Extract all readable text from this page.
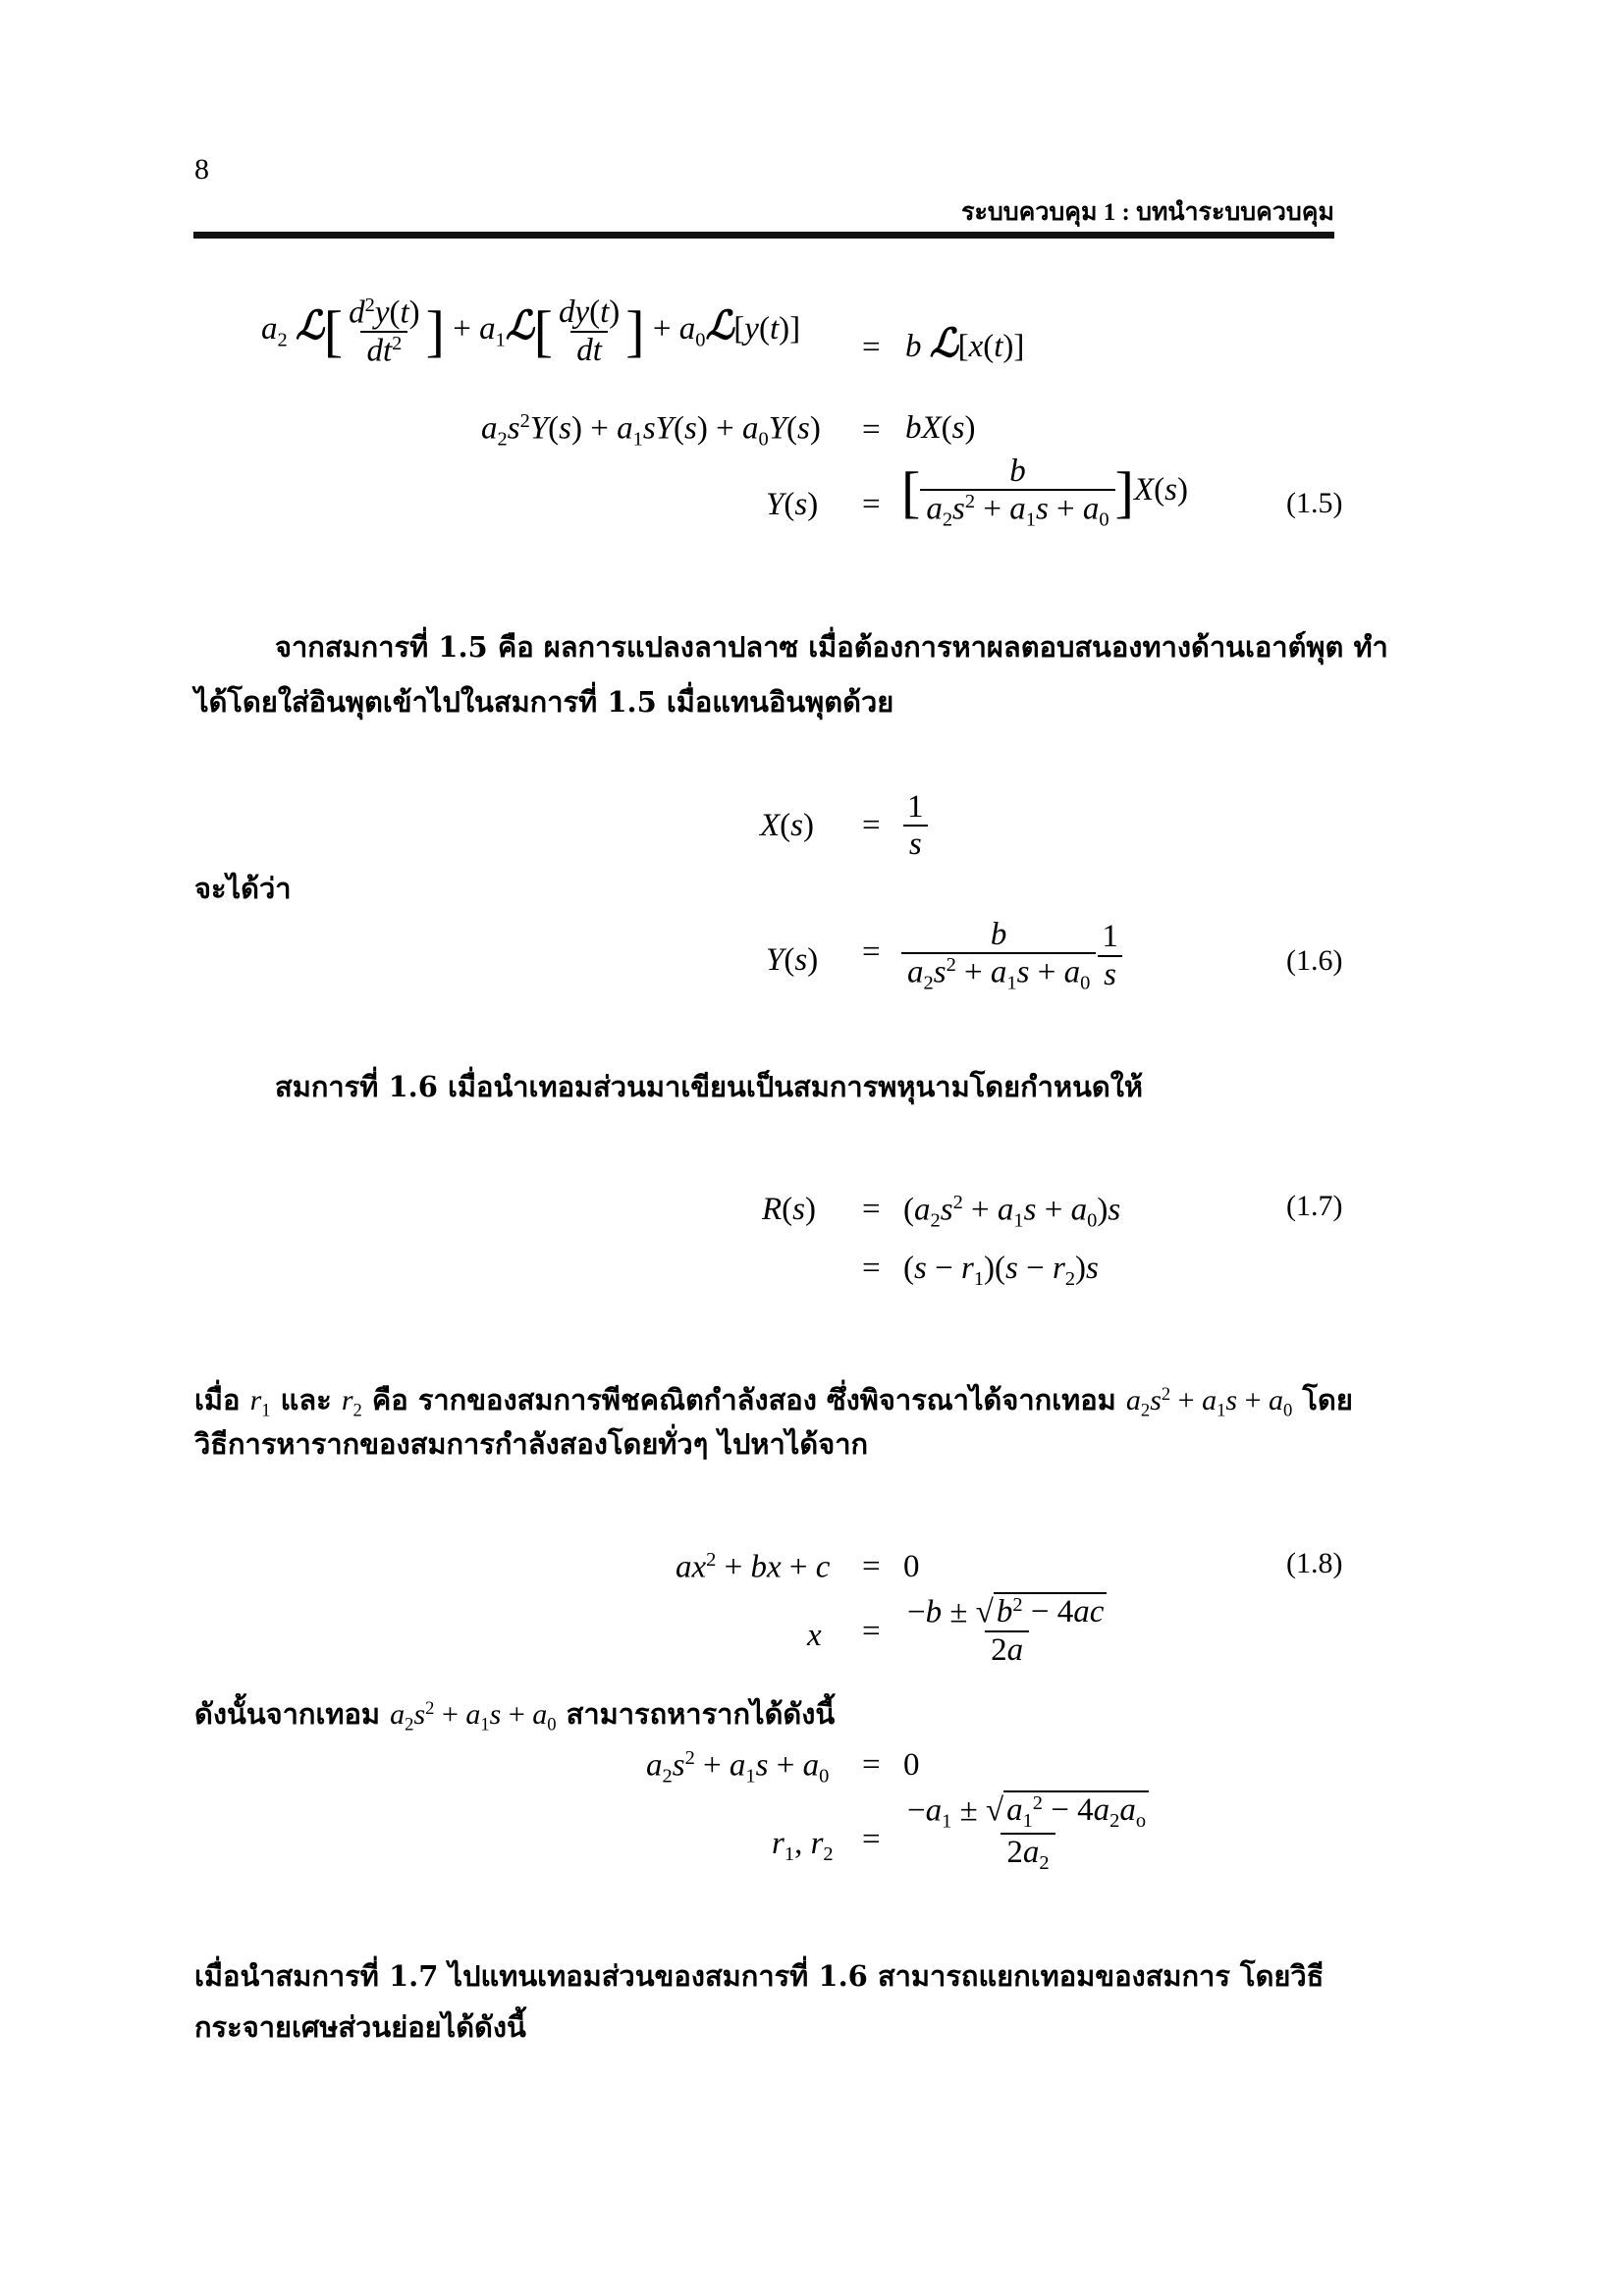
8
ระบบควบคุม 1 : บทนำระบบควบคุม
$a_2$ ℒ[ $\frac{d^2y(t)}{dt^2}$ ] + $a_1ℒ[ \frac{dy(t)}{dt}$ ] + $a_0ℒ[y(t)]$
= b ℒ[x(t)]
$a_2s^2Y(s) + a_1sY(s) + a_0Y(s) = bX(s)$
Y(s) = [ $\frac{b}{a_2s^2 + a_1s + a_0} ]X(s)$	(1.5)
จากสมการที่ 1.5 คือ ผลการแปลงลาปลาซ เมื่อต้องการหาผลตอบสนองทางด้านเอาต์พุต ทำ
ได้โดยใส่อินพุตเข้าไปในสมการที่ 1.5 เมื่อแทนอินพุตด้วย
$X(s) = \frac{1}{s}$
จะได้ว่า
$Y(s) = \frac{b}{a_2s^2 + a_1s + a_0} \frac{1}{s}$	(1.6)
สมการที่ 1.6 เมื่อนำเทอมส่วนมาเขียนเป็นสมการพหุนามโดยกำหนดให้
$R(s) = (a_2s^2 + a_1s + a_0)s$	(1.7)
= $(s - r_1)(s - r_2)s$
เมื่อ $r_1$ และ $r_2$ คือ รากของสมการพีชคณิตกำลังสอง ซึ่งพิจารณาได้จากเทอม $a_2s^2 + a_1s + a_0$ โดย
วิธีการหารากของสมการกำลังสองโดยทั่วๆ ไปหาได้จาก
$ax^2$ + bx + c = 0	(1.8)
$x = \frac{-b \pm √b^2 - 4ac}{2a}$
ดังนั้นจากเทอม $a_2s^2 + a_1s + a_0$ สามารถหารากได้ดังนี้
$a_2s^2 + a_1s + a_0 = 0$
$r_1$, $r_2 = \frac{-a_1 \pm √a_1^2 - 4a_2a_o}{2a_2}$
เมื่อนำสมการที่ 1.7 ไปแทนเทอมส่วนของสมการที่ 1.6 สามารถแยกเทอมของสมการ โดยวิธี
กระจายเศษส่วนย่อยได้ดังนี้
